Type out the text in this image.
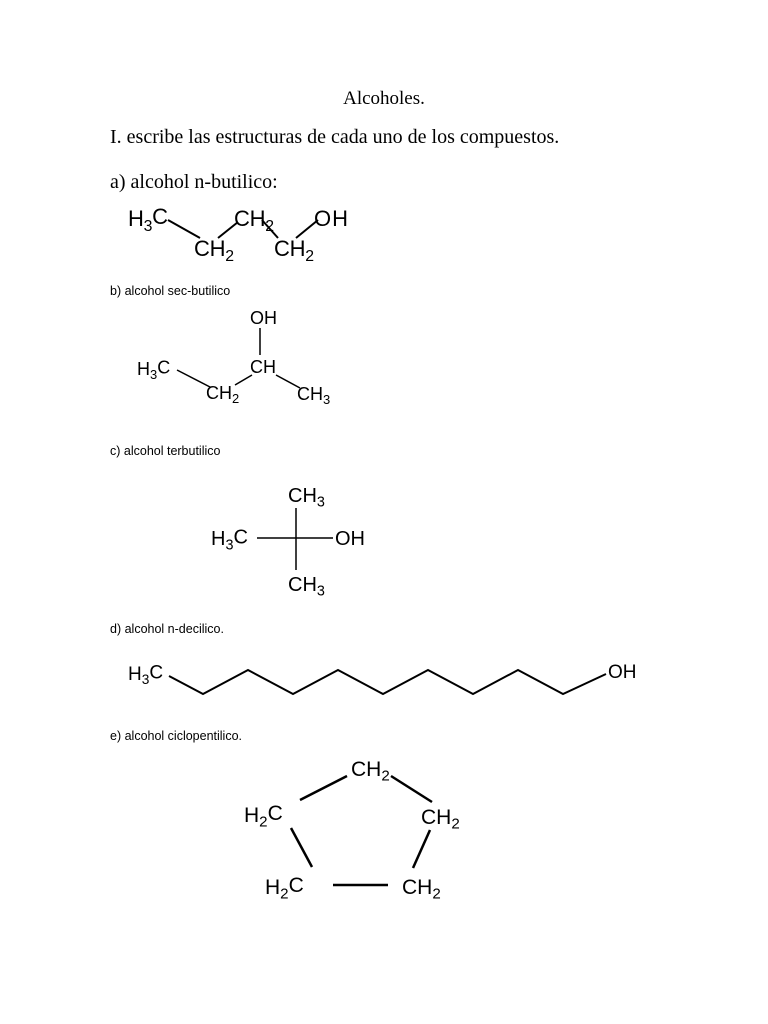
Alcoholes.

I. escribe las estructuras de cada uno de los compuestos.

a) alcohol n-butilico:

$H_3C$	$CH_2$ OH
$CH_2$ $CH_2$

b) alcohol sec-butilico

OH
$H_3C$	CH
$CH_2$	$CH_3$

c) alcohol terbutilico

$CH_3$
$H_3C$	OH
$CH_3$

d) alcohol n-decilico.

$H_3C$	OH

e) alcohol ciclopentilico.

$CH_2$
$H_2C$	$CH_2$
$H_2C$	$CH_2$
